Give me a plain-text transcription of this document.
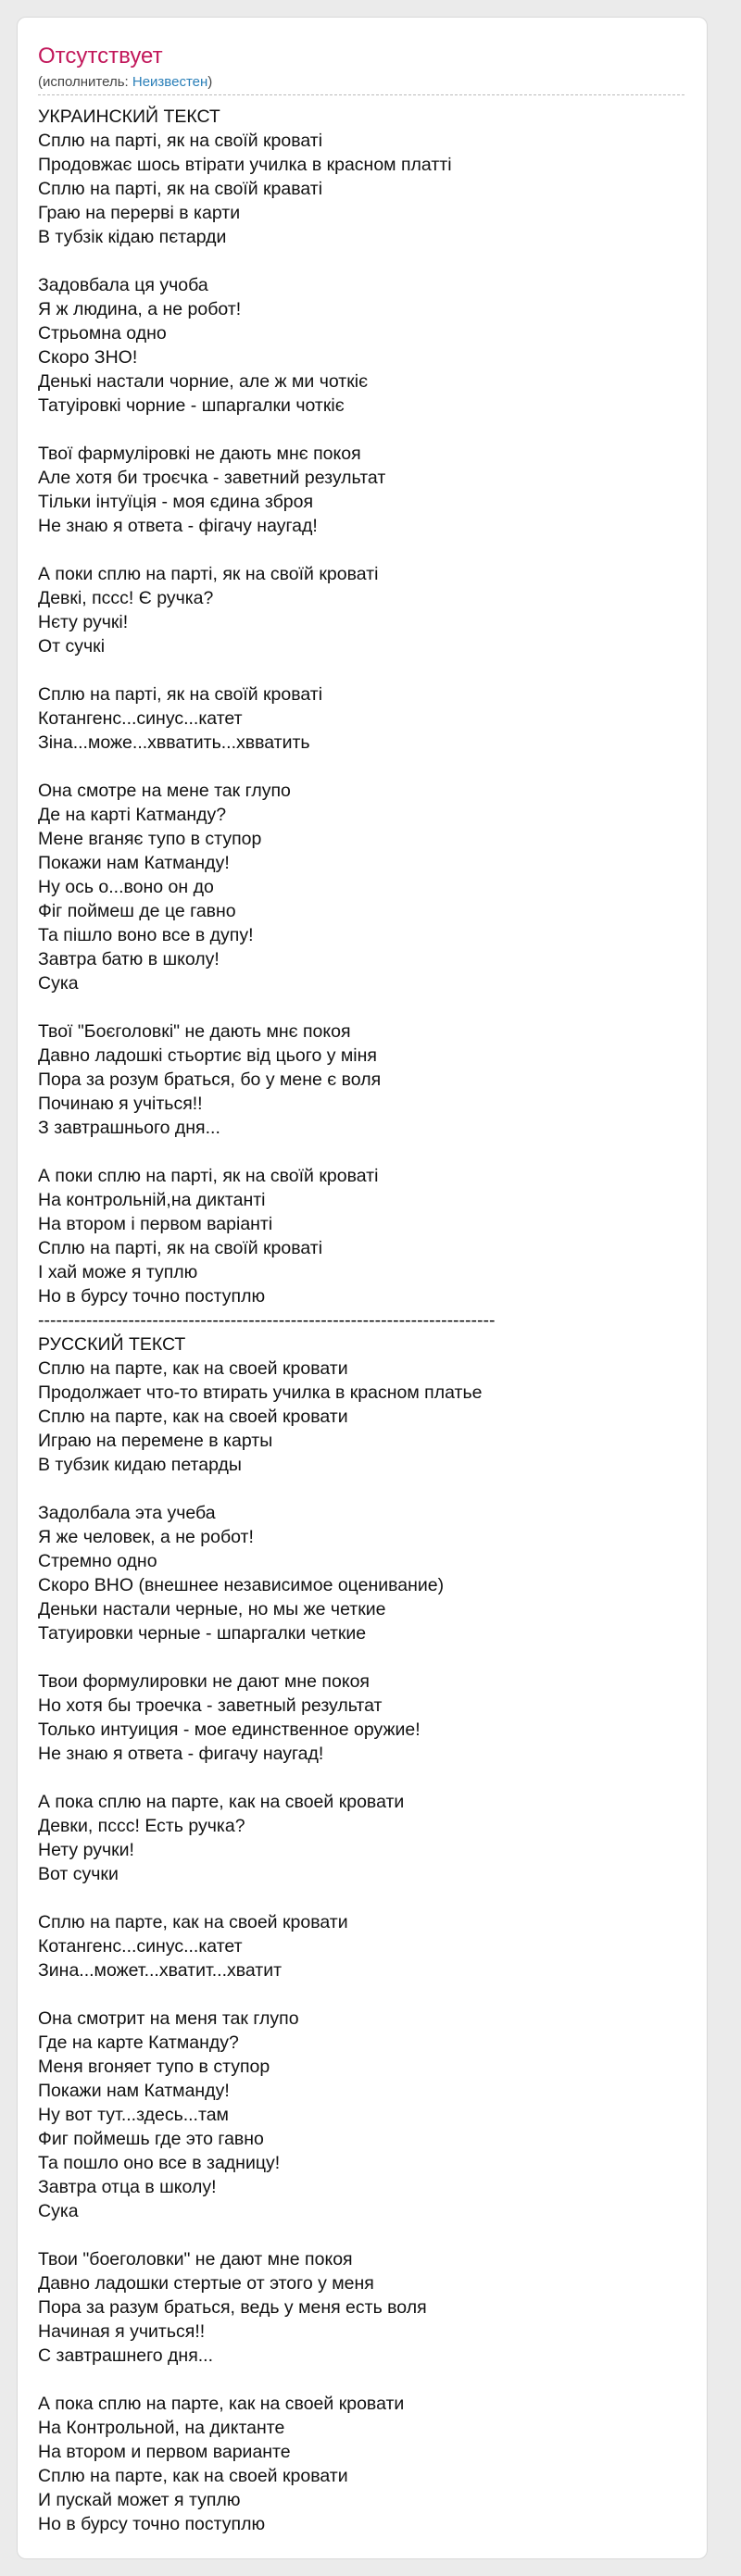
Отсутствует
(исполнитель: Неизвестен)
УКРАИНСКИЙ ТЕКСТ
Сплю на парті, як на своїй кроваті
Продовжає шось втірати училка в красном платті
Сплю на парті, як на своїй краваті
Граю на перерві в карти
В тубзік кідаю пєтарди

Задовбала ця учоба
Я ж людина, а не робот!
Стрьомна одно
Скоро ЗНО!
Денькі настали чорние, але ж ми чоткіє
Татуіровкі чорние - шпаргалки чоткіє

Твої фармуліровкі не дають мнє покоя
Але хотя би троєчка - заветний результат
Тільки інтуїція - моя єдина зброя
Не знаю я ответа - фігачу наугад!

А поки сплю на парті, як на своїй кроваті
Девкі, пссс! Є ручка?
Нєту ручкі!
От сучкі

Сплю на парті, як на своїй кроваті
Котангенс...синус...катет
Зіна...може...хвватить...хвватить

Она смотре на мене так глупо
Де на карті Катманду?
Мене вганяє тупо в ступор
Покажи нам Катманду!
Ну ось о...воно он до
Фіг поймеш де це гавно
Та пішло воно все в дупу!
Завтра батю в школу!
Сука

Твої "Боєголовкі" не дають мнє покоя
Давно ладошкі стьортиє від цього у міня
Пора за розум браться, бо у мене є воля
Починаю я учіться!!
З завтрашнього дня...

А поки сплю на парті, як на своїй кроваті
На контрольній,на диктанті
На втором і первом варіанті
Сплю на парті, як на своїй кроваті
І хай може я туплю
Но в бурсу точно поступлю
----------------------------------------------------------------------------
РУССКИЙ ТЕКСТ
Сплю на парте, как на своей кровати
Продолжает что-то втирать училка в красном платье
Сплю на парте, как на своей кровати
Играю на перемене в карты
В тубзик кидаю петарды

Задолбала эта учеба
Я же человек, а не робот!
Стремно одно
Скоро ВНО (внешнее независимое оценивание)
Деньки настали черные, но мы же четкие
Татуировки черные - шпаргалки четкие

Твои формулировки не дают мне покоя
Но хотя бы троечка - заветный результат
Только интуиция - мое единственное оружие!
Не знаю я ответа - фигачу наугад!

А пока сплю на парте, как на своей кровати
Девки, пссс! Есть ручка?
Нету ручки!
Вот сучки

Сплю на парте, как на своей кровати
Котангенс...синус...катет
Зина...может...хватит...хватит

Она смотрит на меня так глупо
Где на карте Катманду?
Меня вгоняет тупо в ступор
Покажи нам Катманду!
Ну вот тут...здесь...там
Фиг поймешь где это гавно
Та пошло оно все в задницу!
Завтра отца в школу!
Сука

Твои "боеголовки" не дают мне покоя
Давно ладошки стертые от этого у меня
Пора за разум браться, ведь у меня есть воля
Начиная я учиться!!
С завтрашнего дня...

А пока сплю на парте, как на своей кровати
На Контрольной, на диктанте
На втором и первом варианте
Сплю на парте, как на своей кровати
И пускай может я туплю
Но в бурсу точно поступлю
